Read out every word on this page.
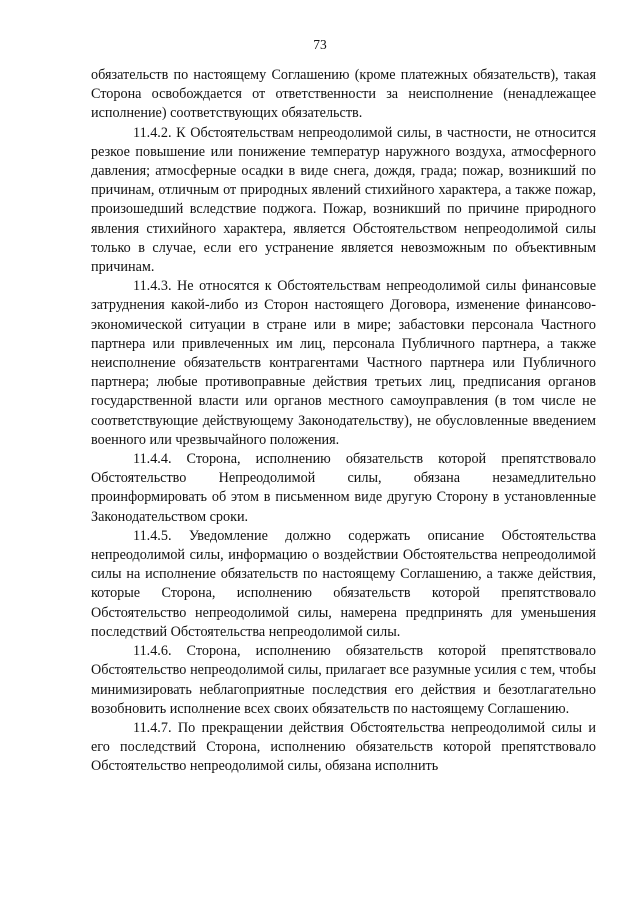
73

обязательств по настоящему Соглашению (кроме платежных обязательств), такая Сторона освобождается от ответственности за неисполнение (ненадлежащее исполнение) соответствующих обязательств.

11.4.2. К Обстоятельствам непреодолимой силы, в частности, не относится резкое повышение или понижение температур наружного воздуха, атмосферного давления; атмосферные осадки в виде снега, дождя, града; пожар, возникший по причинам, отличным от природных явлений стихийного характера, а также пожар, произошедший вследствие поджога. Пожар, возникший по причине природного явления стихийного характера, является Обстоятельством непреодолимой силы только в случае, если его устранение является невозможным по объективным причинам.

11.4.3. Не относятся к Обстоятельствам непреодолимой силы финансовые затруднения какой-либо из Сторон настоящего Договора, изменение финансово-экономической ситуации в стране или в мире; забастовки персонала Частного партнера или привлеченных им лиц, персонала Публичного партнера, а также неисполнение обязательств контрагентами Частного партнера или Публичного партнера; любые противоправные действия третьих лиц, предписания органов государственной власти или органов местного самоуправления (в том числе не соответствующие действующему Законодательству), не обусловленные введением военного или чрезвычайного положения.

11.4.4. Сторона, исполнению обязательств которой препятствовало Обстоятельство Непреодолимой силы, обязана незамедлительно проинформировать об этом в письменном виде другую Сторону в установленные Законодательством сроки.

11.4.5. Уведомление должно содержать описание Обстоятельства непреодолимой силы, информацию о воздействии Обстоятельства непреодолимой силы на исполнение обязательств по настоящему Соглашению, а также действия, которые Сторона, исполнению обязательств которой препятствовало Обстоятельство непреодолимой силы, намерена предпринять для уменьшения последствий Обстоятельства непреодолимой силы.

11.4.6. Сторона, исполнению обязательств которой препятствовало Обстоятельство непреодолимой силы, прилагает все разумные усилия с тем, чтобы минимизировать неблагоприятные последствия его действия и безотлагательно возобновить исполнение всех своих обязательств по настоящему Соглашению.

11.4.7. По прекращении действия Обстоятельства непреодолимой силы и его последствий Сторона, исполнению обязательств которой препятствовало Обстоятельство непреодолимой силы, обязана исполнить
